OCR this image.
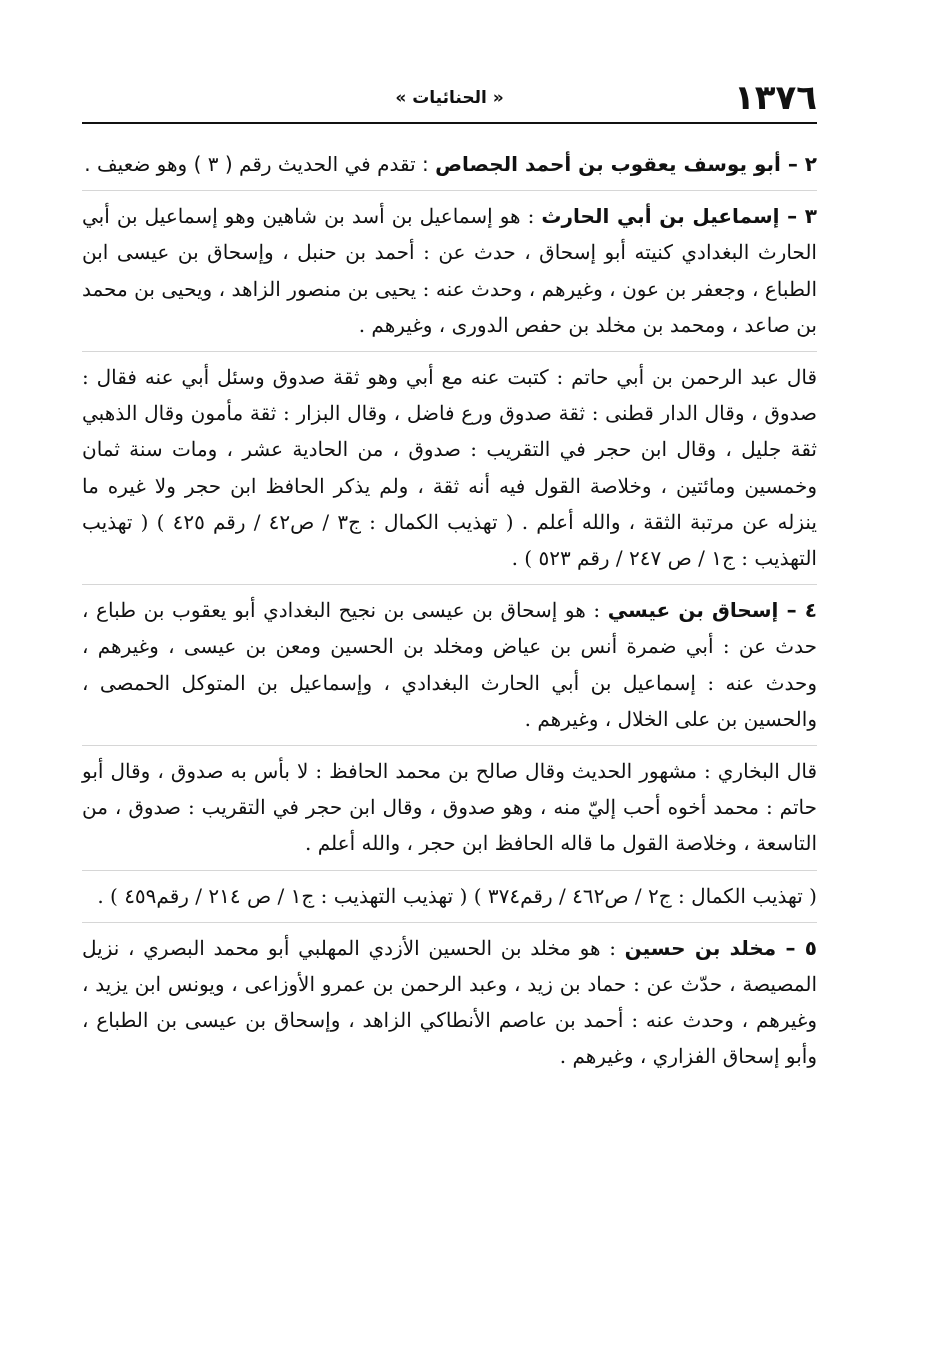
١٣٧٦
« الحنائيات »

٢ – أبو يوسف يعقوب بن أحمد الجصاص : تقدم في الحديث رقم ( ٣ ) وهو ضعيف .

٣ – إسماعيل بن أبي الحارث : هو إسماعيل بن أسد بن شاهين وهو إسماعيل بن أبي الحارث البغدادي كنيته أبو إسحاق ، حدث عن : أحمد بن حنبل ، وإسحاق بن عيسى ابن الطباع ، وجعفر بن عون ، وغيرهم ، وحدث عنه : يحيى بن منصور الزاهد ، ويحيى بن محمد بن صاعد ، ومحمد بن مخلد بن حفص الدورى ، وغيرهم .

قال عبد الرحمن بن أبي حاتم : كتبت عنه مع أبي وهو ثقة صدوق وسئل أبي عنه فقال : صدوق ، وقال الدار قطنى : ثقة صدوق ورع فاضل ، وقال البزار : ثقة مأمون وقال الذهبي ثقة جليل ، وقال ابن حجر في التقريب : صدوق ، من الحادية عشر ، ومات سنة ثمان وخمسين ومائتين ، وخلاصة القول فيه أنه ثقة ، ولم يذكر الحافظ ابن حجر ولا غيره ما ينزله عن مرتبة الثقة ، والله أعلم . ( تهذيب الكمال : ج٣ / ص٤٢ / رقم ٤٢٥ ) ( تهذيب التهذيب : ج١ / ص ٢٤٧ / رقم ٥٢٣ ) .

٤ – إسحاق بن عيسي : هو إسحاق بن عيسى بن نجيح البغدادي أبو يعقوب بن طباع ، حدث عن : أبي ضمرة أنس بن عياض ومخلد بن الحسين ومعن بن عيسى ، وغيرهم ، وحدث عنه : إسماعيل بن أبي الحارث البغدادي ، وإسماعيل بن المتوكل الحمصى ، والحسين بن على الخلال ، وغيرهم .

قال البخاري : مشهور الحديث وقال صالح بن محمد الحافظ : لا بأس به صدوق ، وقال أبو حاتم : محمد أخوه أحب إليّ منه ، وهو صدوق ، وقال ابن حجر في التقريب : صدوق ، من التاسعة ، وخلاصة القول ما قاله الحافظ ابن حجر ، والله أعلم .

( تهذيب الكمال : ج٢ / ص٤٦٢ / رقم٣٧٤ ) ( تهذيب التهذيب : ج١ / ص ٢١٤ / رقم٤٥٩ ) .

٥ – مخلد بن حسين : هو مخلد بن الحسين الأزدي المهلبي أبو محمد البصري ، نزيل المصيصة ، حدّث عن : حماد بن زيد ، وعبد الرحمن بن عمرو الأوزاعى ، ويونس ابن يزيد ، وغيرهم ، وحدث عنه : أحمد بن عاصم الأنطاكي الزاهد ، وإسحاق بن عيسى بن الطباع ، وأبو إسحاق الفزاري ، وغيرهم .
